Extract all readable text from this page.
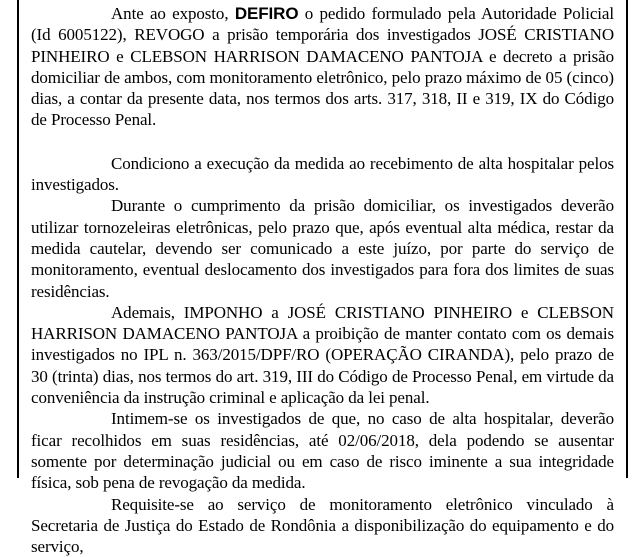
Ante ao exposto, DEFIRO o pedido formulado pela Autoridade Policial (Id 6005122), REVOGO a prisão temporária dos investigados JOSÉ CRISTIANO PINHEIRO e CLEBSON HARRISON DAMACENO PANTOJA e decreto a prisão domiciliar de ambos, com monitoramento eletrônico, pelo prazo máximo de 05 (cinco) dias, a contar da presente data, nos termos dos arts. 317, 318, II e 319, IX do Código de Processo Penal.

Condiciono a execução da medida ao recebimento de alta hospitalar pelos investigados.

Durante o cumprimento da prisão domiciliar, os investigados deverão utilizar tornozeleiras eletrônicas, pelo prazo que, após eventual alta médica, restar da medida cautelar, devendo ser comunicado a este juízo, por parte do serviço de monitoramento, eventual deslocamento dos investigados para fora dos limites de suas residências.

Ademais, IMPONHO a JOSÉ CRISTIANO PINHEIRO e CLEBSON HARRISON DAMACENO PANTOJA a proibição de manter contato com os demais investigados no IPL n. 363/2015/DPF/RO (OPERAÇÃO CIRANDA), pelo prazo de 30 (trinta) dias, nos termos do art. 319, III do Código de Processo Penal, em virtude da conveniência da instrução criminal e aplicação da lei penal.

Intimem-se os investigados de que, no caso de alta hospitalar, deverão ficar recolhidos em suas residências, até 02/06/2018, dela podendo se ausentar somente por determinação judicial ou em caso de risco iminente a sua integridade física, sob pena de revogação da medida.

Requisite-se ao serviço de monitoramento eletrônico vinculado à Secretaria de Justiça do Estado de Rondônia a disponibilização do equipamento e do serviço,
